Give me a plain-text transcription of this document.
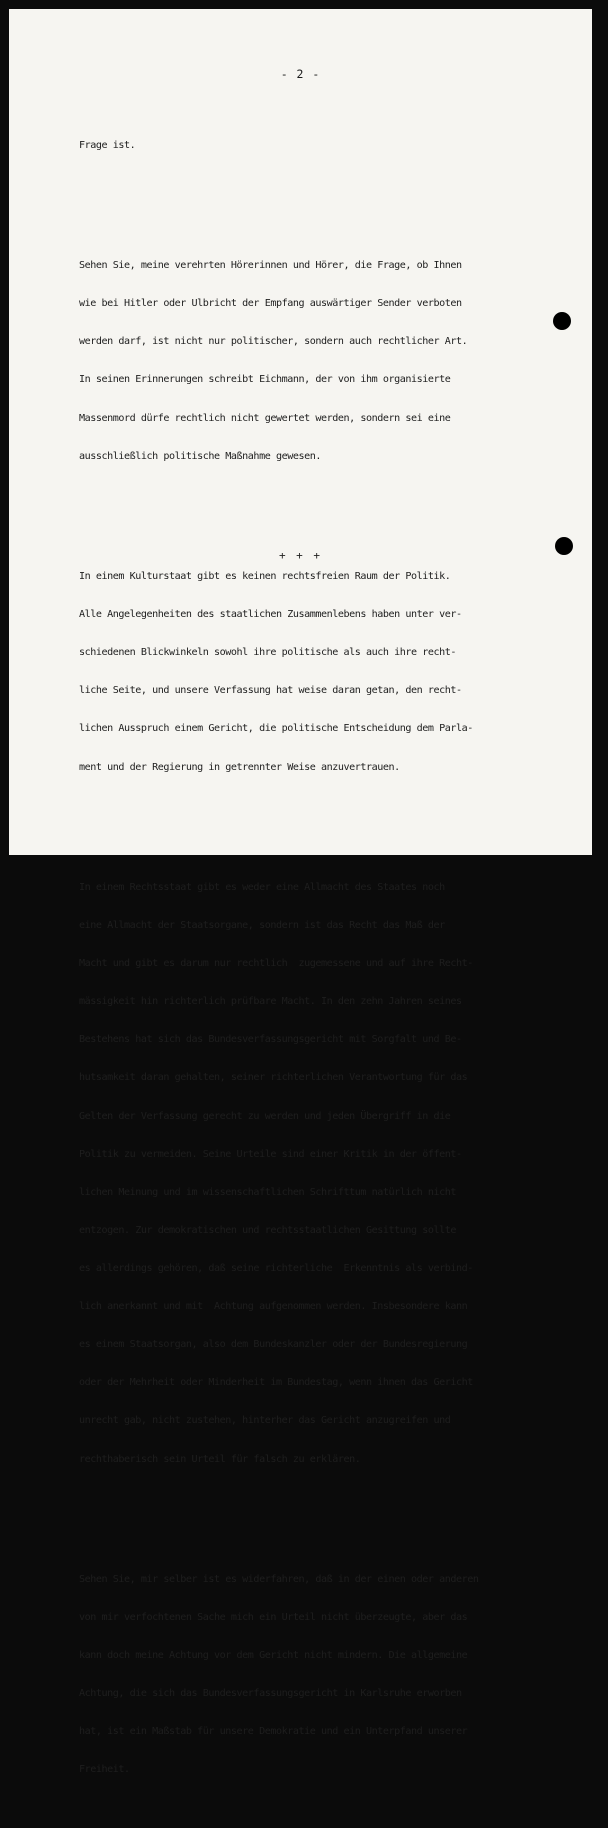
- 2 -

Frage ist.

Sehen Sie, meine verehrten Hörerinnen und Hörer, die Frage, ob Ihnen

wie bei Hitler oder Ulbricht der Empfang auswärtiger Sender verboten

werden darf, ist nicht nur politischer, sondern auch rechtlicher Art.

In seinen Erinnerungen schreibt Eichmann, der von ihm organisierte

Massenmord dürfe rechtlich nicht gewertet werden, sondern sei eine

ausschließlich politische Maßnahme gewesen.

In einem Kulturstaat gibt es keinen rechtsfreien Raum der Politik.

Alle Angelegenheiten des staatlichen Zusammenlebens haben unter ver-

schiedenen Blickwinkeln sowohl ihre politische als auch ihre recht-

liche Seite, und unsere Verfassung hat weise daran getan, den recht-

lichen Ausspruch einem Gericht, die politische Entscheidung dem Parla-

ment und der Regierung in getrennter Weise anzuvertrauen.

In einem Rechtsstaat gibt es weder eine Allmacht des Staates noch

eine Allmacht der Staatsorgane, sondern ist das Recht das Maß der

Macht und gibt es darum nur rechtlich  zugemessene und auf ihre Recht-

mässigkeit hin richterlich prüfbare Macht. In den zehn Jahren seines

Bestehens hat sich das Bundesverfassungsgericht mit Sorgfalt und Be-

hutsamkeit daran gehalten, seiner richterlichen Verantwortung für das

Gelten der Verfassung gerecht zu werden und jeden Übergriff in die

Politik zu vermeiden. Seine Urteile sind einer Kritik in der öffent-

lichen Meinung und im wissenschaftlichen Schrifttum natürlich nicht

entzogen. Zur demokratischen und rechtsstaatlichen Gesittung sollte

es allerdings gehören, daß seine richterliche  Erkenntnis als verbind-

lich anerkannt und mit  Achtung aufgenommen werden. Insbesondere kann

es einem Staatsorgan, also dem Bundeskanzler oder der Bundesregierung

oder der Mehrheit oder Minderheit im Bundestag, wenn ihnen das Gericht

unrecht gab, nicht zustehen, hinterher das Gericht anzugreifen und

rechthaberisch sein Urteil für falsch zu erklären.

Sehen Sie, mir selber ist es widerfahren, daß in der einen oder anderen

von mir verfochtenen Sache mich ein Urteil nicht überzeugte, aber das

kann doch meine Achtung vor dem Gericht nicht mindern. Die allgemeine

Achtung, die sich das Bundesverfassungsgericht in Karlsruhe erworben

hat, ist ein Maßstab für unsere Demokratie und ein Unterpfand unserer

Freiheit.

+ + +
